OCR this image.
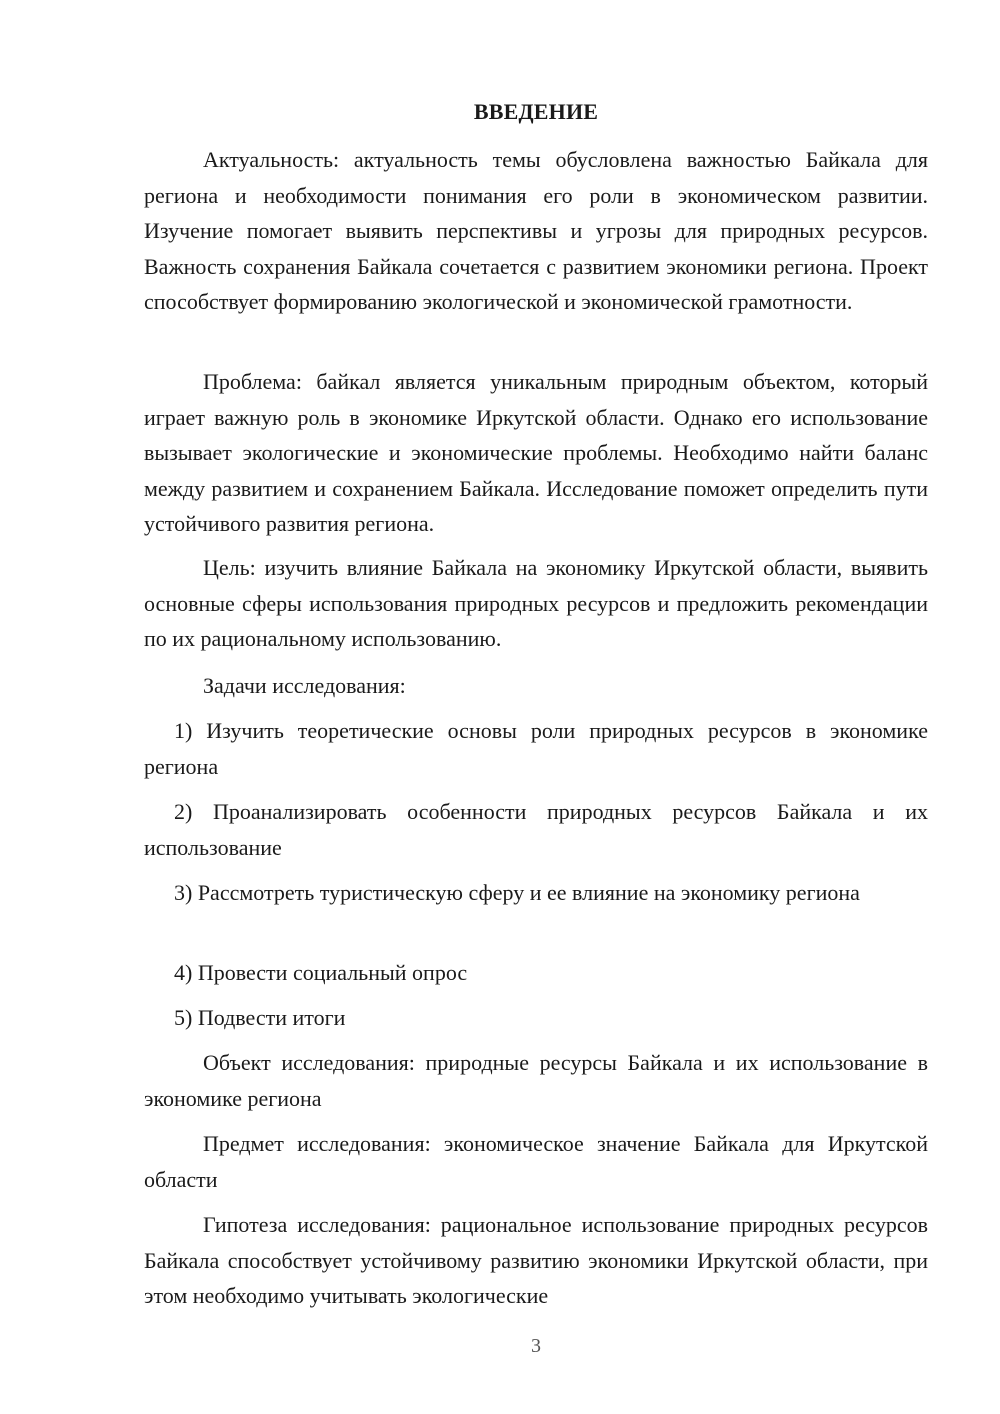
ВВЕДЕНИЕ

Актуальность: актуальность темы обусловлена важностью Байкала для региона и необходимости понимания его роли в экономическом развитии. Изучение помогает выявить перспективы и угрозы для природных ресурсов. Важность сохранения Байкала сочетается с развитием экономики региона. Проект способствует формированию экологической и экономической грамотности.

Проблема: байкал является уникальным природным объектом, который играет важную роль в экономике Иркутской области. Однако его использование вызывает экологические и экономические проблемы. Необходимо найти баланс между развитием и сохранением Байкала. Исследование поможет определить пути устойчивого развития региона.

Цель: изучить влияние Байкала на экономику Иркутской области, выявить основные сферы использования природных ресурсов и предложить рекомендации по их рациональному использованию.

Задачи исследования:

1) Изучить теоретические основы роли природных ресурсов в экономике региона

2) Проанализировать особенности природных ресурсов Байкала и их использование

3) Рассмотреть туристическую сферу и ее влияние на экономику региона

4) Провести социальный опрос

5) Подвести итоги

Объект исследования: природные ресурсы Байкала и их использование в экономике региона

Предмет исследования: экономическое значение Байкала для Иркутской области

Гипотеза исследования: рациональное использование природных ресурсов Байкала способствует устойчивому развитию экономики Иркутской области, при этом необходимо учитывать экологические

3
